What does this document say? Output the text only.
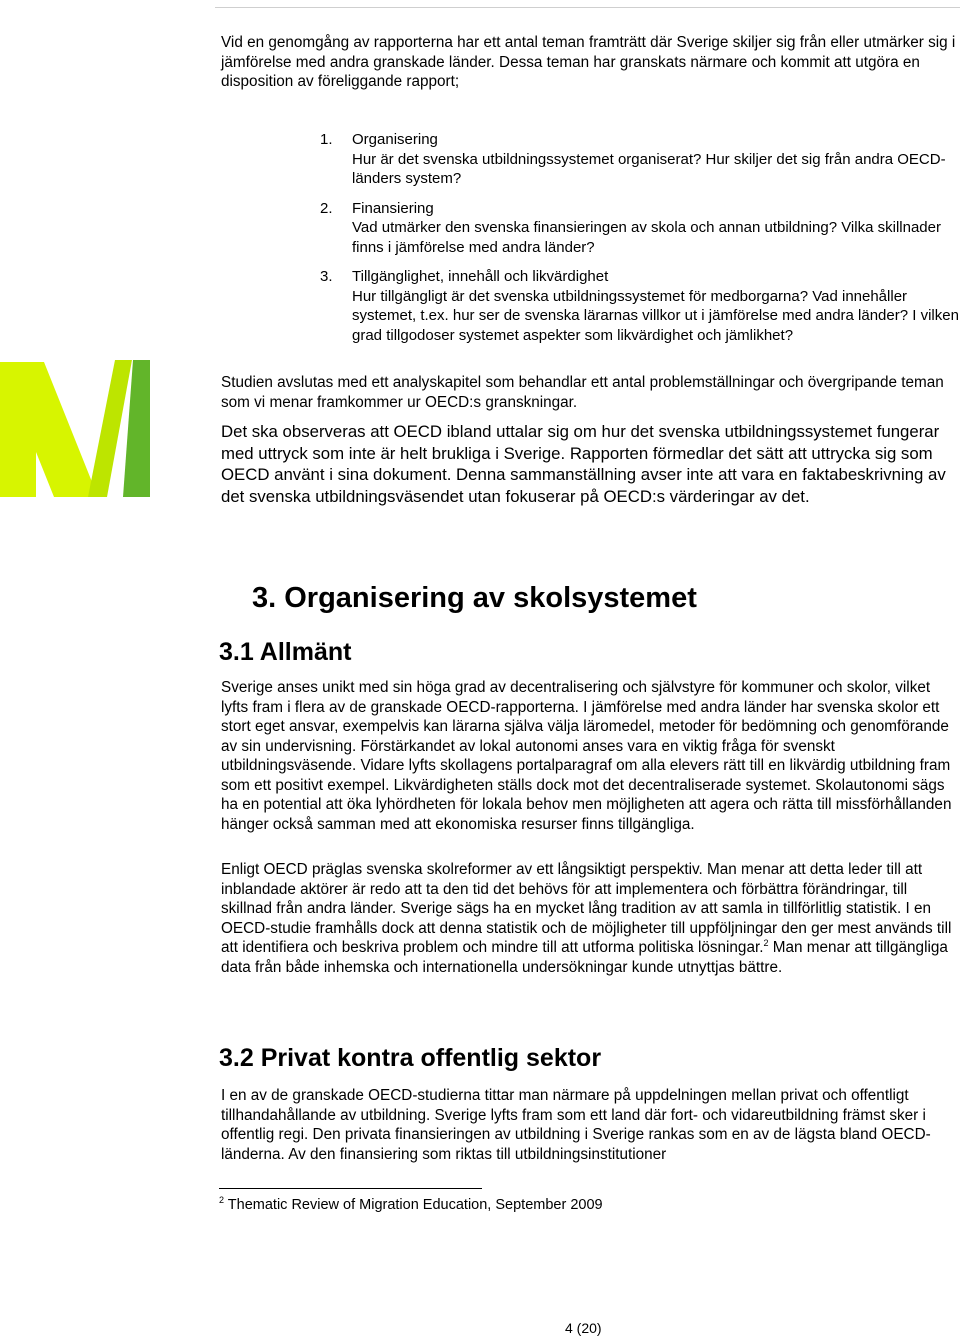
Vid en genomgång av rapporterna har ett antal teman framträtt där Sverige skiljer sig från eller utmärker sig i jämförelse med andra granskade länder. Dessa teman har granskats närmare och kommit att utgöra en disposition av föreliggande rapport;

1. Organisering
Hur är det svenska utbildningssystemet organiserat? Hur skiljer det sig från andra OECD-länders system?
2. Finansiering
Vad utmärker den svenska finansieringen av skola och annan utbildning? Vilka skillnader finns i jämförelse med andra länder?
3. Tillgänglighet, innehåll och likvärdighet
Hur tillgängligt är det svenska utbildningssystemet för medborgarna? Vad innehåller systemet, t.ex. hur ser de svenska lärarnas villkor ut i jämförelse med andra länder? I vilken grad tillgodoser systemet aspekter som likvärdighet och jämlikhet?

Studien avslutas med ett analyskapitel som behandlar ett antal problemställningar och övergripande teman som vi menar framkommer ur OECD:s granskningar.

Det ska observeras att OECD ibland uttalar sig om hur det svenska utbildningssystemet fungerar med uttryck som inte är helt brukliga i Sverige. Rapporten förmedlar det sätt att uttrycka sig som OECD använt i sina dokument. Denna sammanställning avser inte att vara en faktabeskrivning av det svenska utbildningsväsendet utan fokuserar på OECD:s värderingar av det.

3. Organisering av skolsystemet
3.1 Allmänt

Sverige anses unikt med sin höga grad av decentralisering och självstyre för kommuner och skolor, vilket lyfts fram i flera av de granskade OECD-rapporterna. I jämförelse med andra länder har svenska skolor ett stort eget ansvar, exempelvis kan lärarna själva välja läromedel, metoder för bedömning och genomförande av sin undervisning. Förstärkandet av lokal autonomi anses vara en viktig fråga för svenskt utbildningsväsende. Vidare lyfts skollagens portalparagraf om alla elevers rätt till en likvärdig utbildning fram som ett positivt exempel. Likvärdigheten ställs dock mot det decentraliserade systemet. Skolautonomi sägs ha en potential att öka lyhördheten för lokala behov men möjligheten att agera och rätta till missförhållanden hänger också samman med att ekonomiska resurser finns tillgängliga.

Enligt OECD präglas svenska skolreformer av ett långsiktigt perspektiv. Man menar att detta leder till att inblandade aktörer är redo att ta den tid det behövs för att implementera och förbättra förändringar, till skillnad från andra länder. Sverige sägs ha en mycket lång tradition av att samla in tillförlitlig statistik. I en OECD-studie framhålls dock att denna statistik och de möjligheter till uppföljningar den ger mest används till att identifiera och beskriva problem och mindre till att utforma politiska lösningar.$^2$ Man menar att tillgängliga data från både inhemska och internationella undersökningar kunde utnyttjas bättre.

3.2 Privat kontra offentlig sektor

I en av de granskade OECD-studierna tittar man närmare på uppdelningen mellan privat och offentligt tillhandahållande av utbildning. Sverige lyfts fram som ett land där fort- och vidareutbildning främst sker i offentlig regi. Den privata finansieringen av utbildning i Sverige rankas som en av de lägsta bland OECD-länderna. Av den finansiering som riktas till utbildningsinstitutioner

$^2$ Thematic Review of Migration Education, September 2009
4 (20)
